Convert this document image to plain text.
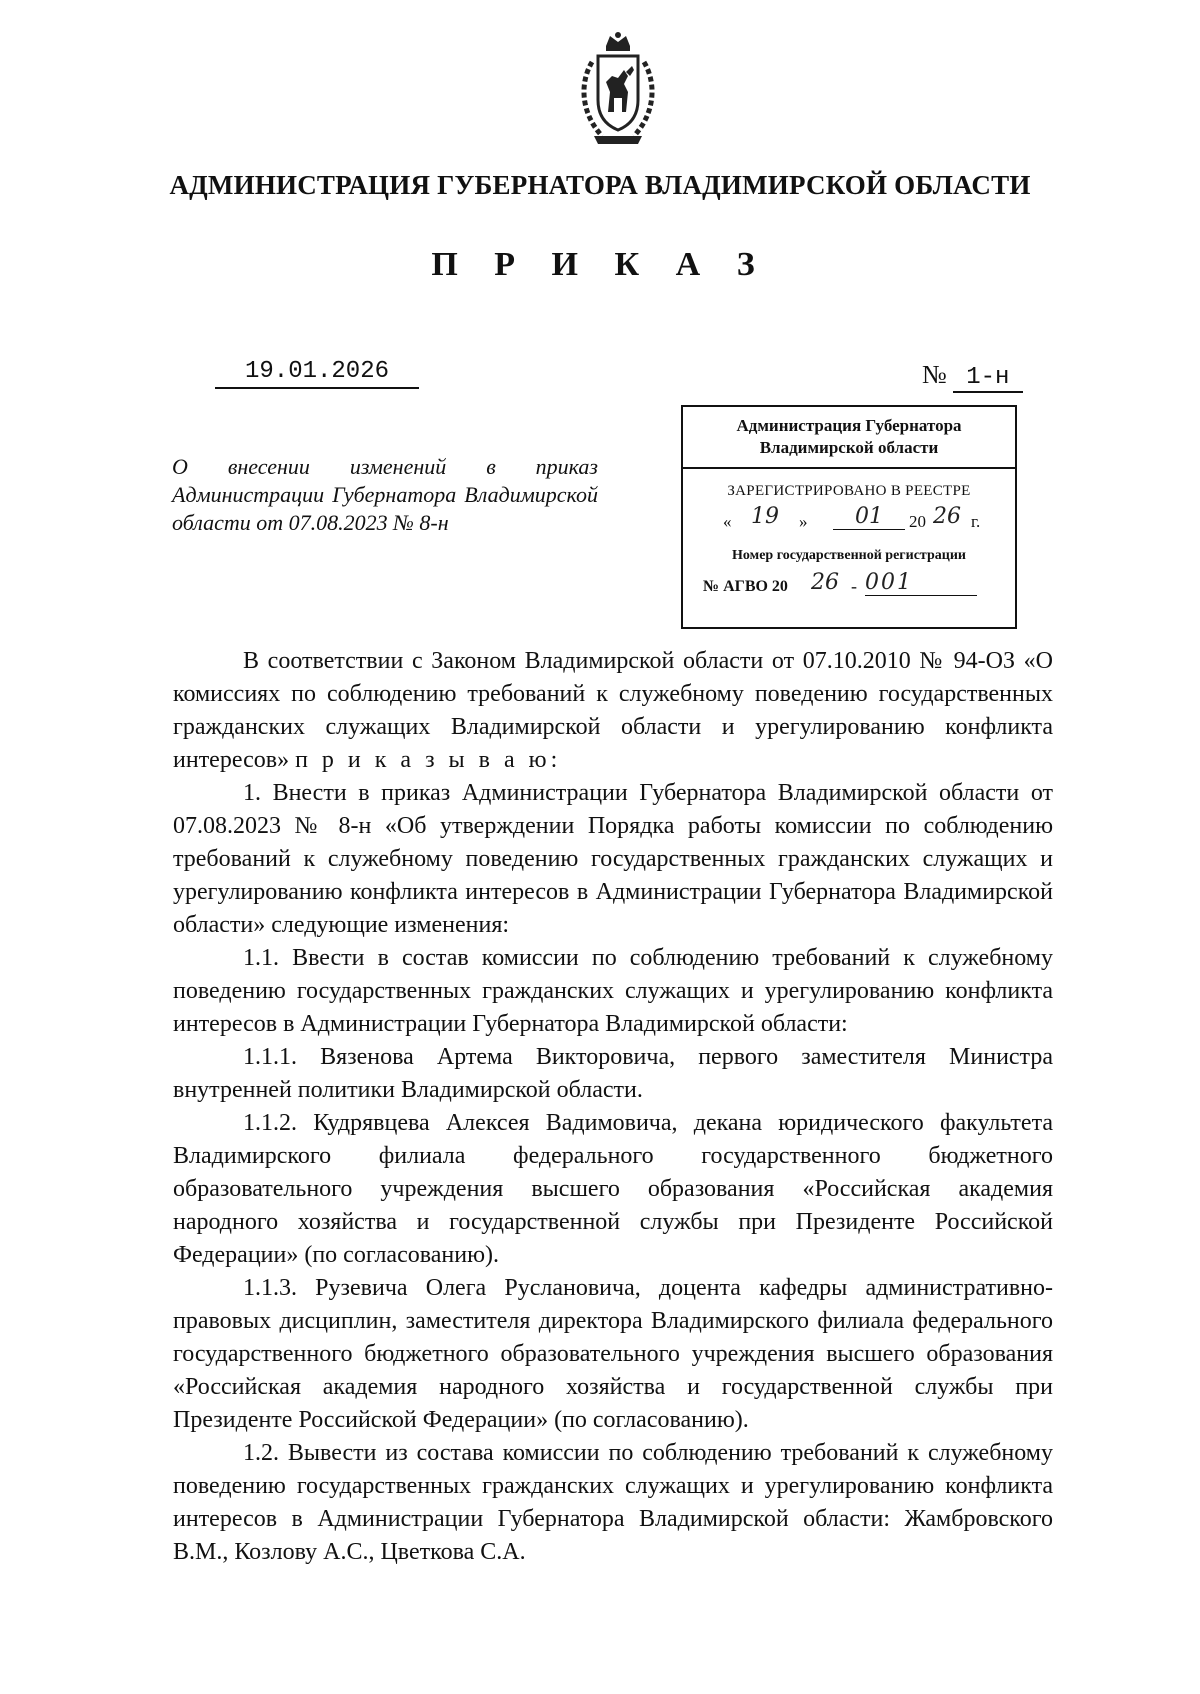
АДМИНИСТРАЦИЯ ГУБЕРНАТОРА ВЛАДИМИРСКОЙ ОБЛАСТИ
П Р И К А З
19.01.2026	№ 1-н
О внесении изменений в приказ Администрации Губернатора Владимирской области от 07.08.2023 № 8-н
Администрация Губернатора
Владимирской области
ЗАРЕГИСТРИРОВАНО В РЕЕСТРЕ
« 19	»	01	20 26 г.
Номер государственной регистрации
№ АГВО 20 26 - 001

В соответствии с Законом Владимирской области от 07.10.2010 № 94-ОЗ «О комиссиях по соблюдению требований к служебному поведению государственных гражданских служащих Владимирской области и урегулированию конфликта интересов» п р и к а з ы в а ю:

1. Внести в приказ Администрации Губернатора Владимирской области от 07.08.2023 № 8-н «Об утверждении Порядка работы комиссии по соблюдению требований к служебному поведению государственных гражданских служащих и урегулированию конфликта интересов в Администрации Губернатора Владимирской области» следующие изменения:

1.1. Ввести в состав комиссии по соблюдению требований к служебному поведению государственных гражданских служащих и урегулированию конфликта интересов в Администрации Губернатора Владимирской области:

1.1.1. Вязенова Артема Викторовича, первого заместителя Министра внутренней политики Владимирской области.

1.1.2. Кудрявцева Алексея Вадимовича, декана юридического факультета Владимирского филиала федерального государственного бюджетного образовательного учреждения высшего образования «Российская академия народного хозяйства и государственной службы при Президенте Российской Федерации» (по согласованию).

1.1.3. Рузевича Олега Руслановича, доцента кафедры административно-правовых дисциплин, заместителя директора Владимирского филиала федерального государственного бюджетного образовательного учреждения высшего образования «Российская академия народного хозяйства и государственной службы при Президенте Российской Федерации» (по согласованию).

1.2. Вывести из состава комиссии по соблюдению требований к служебному поведению государственных гражданских служащих и урегулированию конфликта интересов в Администрации Губернатора Владимирской области: Жамбровского В.М., Козлову А.С., Цветкова С.А.
